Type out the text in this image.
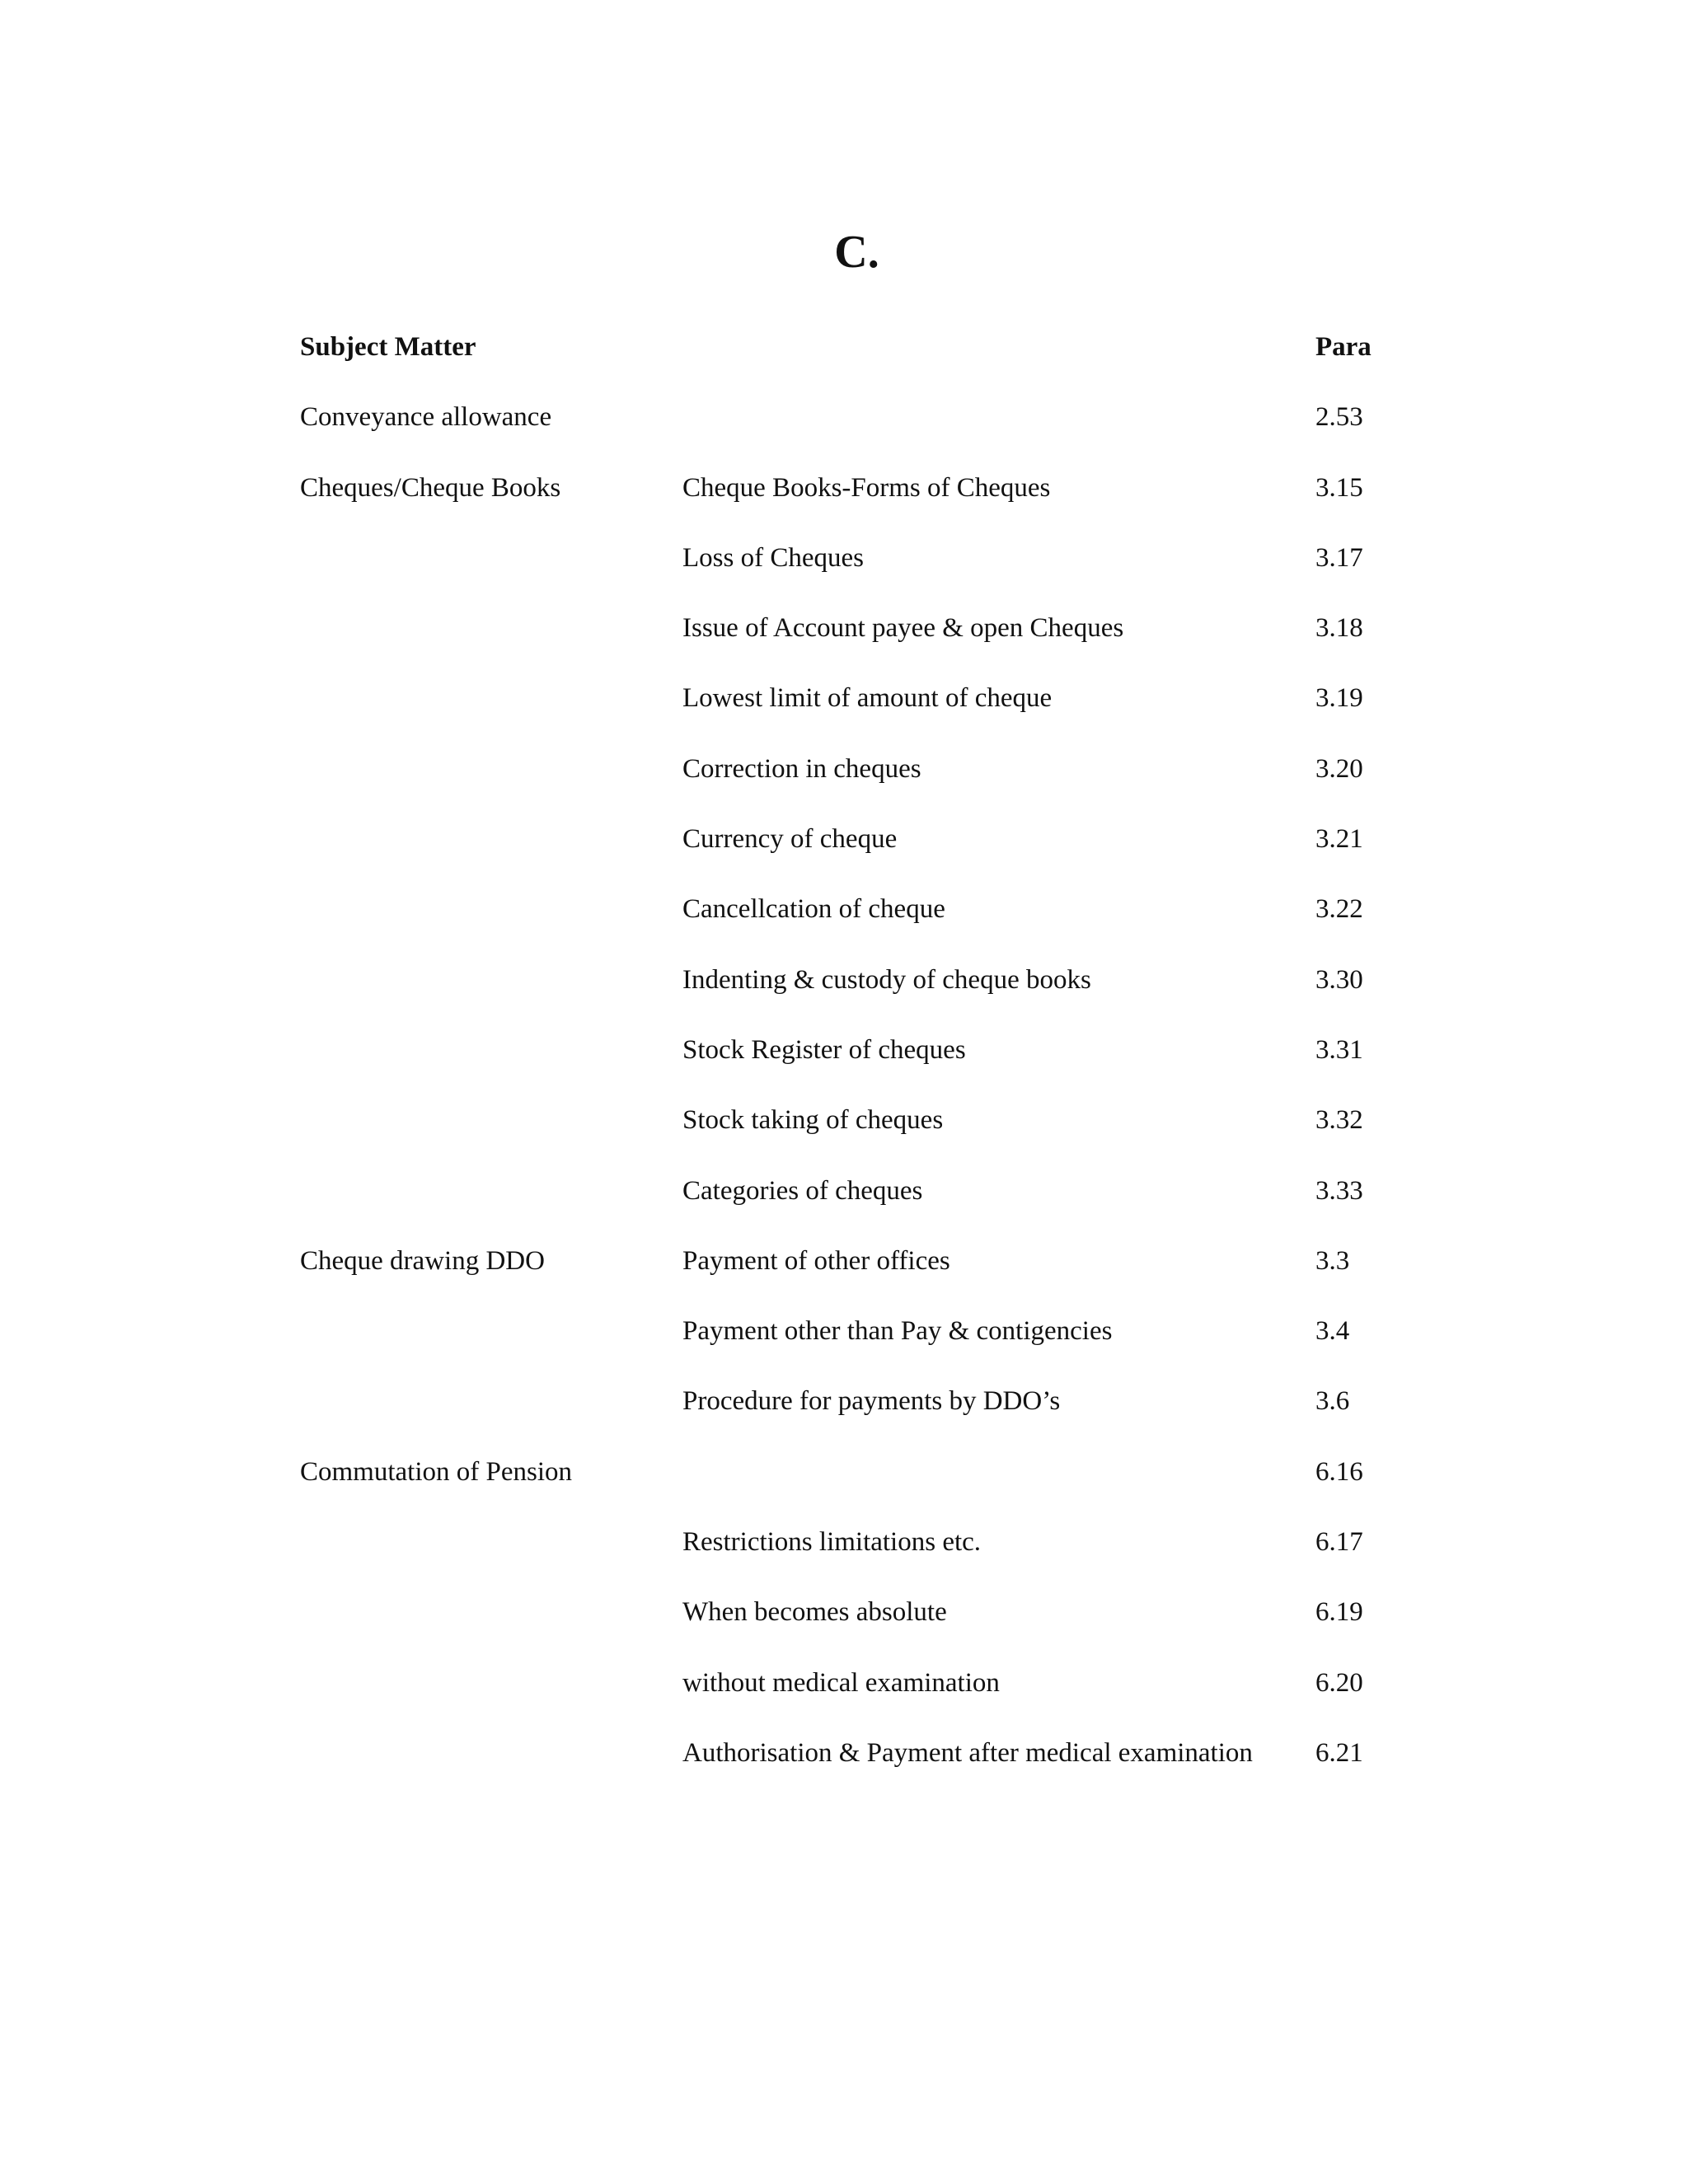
C.
Subject Matter	Para
Conveyance allowance	2.53
Cheques/Cheque Books	Cheque Books-Forms of Cheques	3.15
Loss of Cheques	3.17
Issue of Account payee & open Cheques	3.18
Lowest limit of amount of cheque	3.19
Correction in cheques	3.20
Currency of cheque	3.21
Cancellcation of cheque	3.22
Indenting & custody of cheque books	3.30
Stock Register of cheques	3.31
Stock taking of cheques	3.32
Categories of cheques	3.33
Cheque drawing DDO	Payment of other offices	3.3
Payment other than Pay & contigencies	3.4
Procedure for payments by DDO’s	3.6
Commutation of Pension	6.16
Restrictions limitations etc.	6.17
When becomes absolute	6.19
without medical examination	6.20
Authorisation & Payment after medical examination 6.21
